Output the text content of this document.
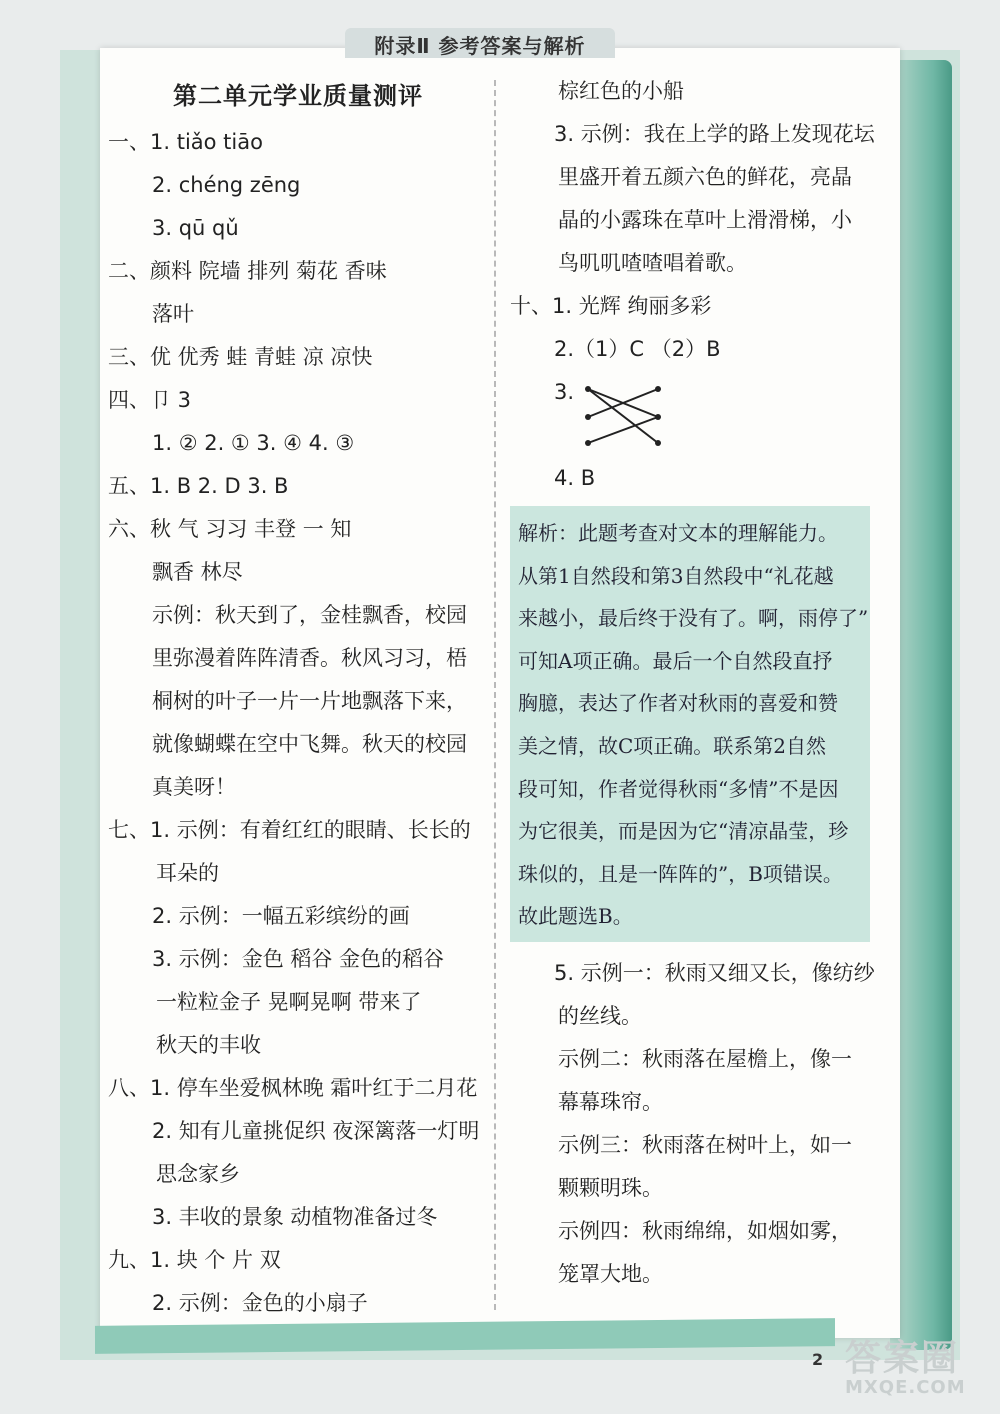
附录Ⅱ 参考答案与解析
第二单元学业质量测评
一、1. tiǎo tiāo
2. chéng zēng
3. qū qǔ
二、颜料 院墙 排列 菊花 香味
落叶
三、优 优秀 蛙 青蛙 凉 凉快
四、卩 3
1. ② 2. ① 3. ④ 4. ③
五、1. B 2. D 3. B
六、秋 气 习习 丰登 一 知
飘香 林尽
示例：秋天到了，金桂飘香，校园
里弥漫着阵阵清香。秋风习习，梧
桐树的叶子一片一片地飘落下来，
就像蝴蝶在空中飞舞。秋天的校园
真美呀！
七、1. 示例：有着红红的眼睛、长长的
耳朵的
2. 示例：一幅五彩缤纷的画
3. 示例：金色 稻谷 金色的稻谷
一粒粒金子 晃啊晃啊 带来了
秋天的丰收
八、1. 停车坐爱枫林晚 霜叶红于二月花
2. 知有儿童挑促织 夜深篱落一灯明
思念家乡
3. 丰收的景象 动植物准备过冬
九、1. 块 个 片 双
2. 示例：金色的小扇子
棕红色的小船
3. 示例：我在上学的路上发现花坛
里盛开着五颜六色的鲜花，亮晶
晶的小露珠在草叶上滑滑梯，小
鸟叽叽喳喳唱着歌。
十、1. 光辉 绚丽多彩
2.（1）C （2）B
3.
4. B
解析：此题考查对文本的理解能力。
从第1自然段和第3自然段中“礼花越
来越小，最后终于没有了。啊，雨停了”
可知A项正确。最后一个自然段直抒
胸臆，表达了作者对秋雨的喜爱和赞
美之情，故C项正确。联系第2自然
段可知，作者觉得秋雨“多情”不是因
为它很美，而是因为它“清凉晶莹，珍
珠似的，且是一阵阵的”，B项错误。
故此题选B。
5. 示例一：秋雨又细又长，像纺纱
的丝线。
示例二：秋雨落在屋檐上，像一
幕幕珠帘。
示例三：秋雨落在树叶上，如一
颗颗明珠。
示例四：秋雨绵绵，如烟如雾，
笼罩大地。
2 答案圈
MXQE.COM
